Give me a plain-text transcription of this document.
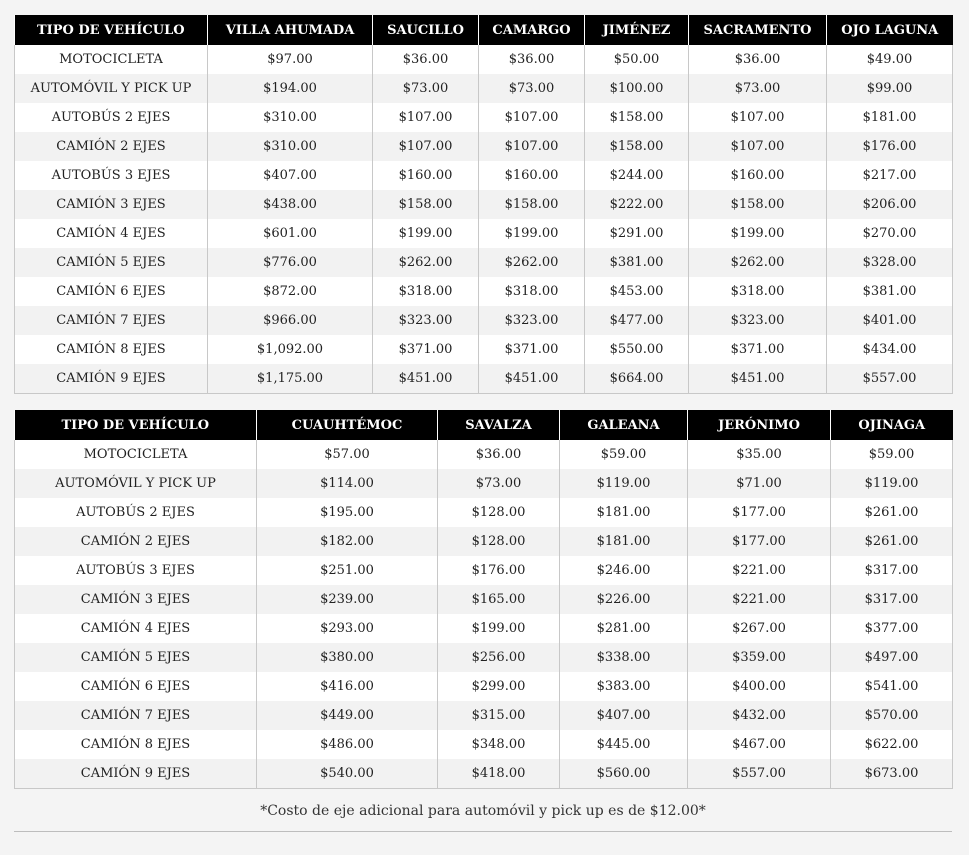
TIPO DE VEHÍCULO	VILLA AHUMADA	SAUCILLO	CAMARGO	JIMÉNEZ	SACRAMENTO	OJO LAGUNA
MOTOCICLETA	$97.00	$36.00	$36.00	$50.00	$36.00	$49.00
AUTOMÓVIL Y PICK UP	$194.00	$73.00	$73.00	$100.00	$73.00	$99.00
AUTOBÚS 2 EJES	$310.00	$107.00	$107.00	$158.00	$107.00	$181.00
CAMIÓN 2 EJES	$310.00	$107.00	$107.00	$158.00	$107.00	$176.00
AUTOBÚS 3 EJES	$407.00	$160.00	$160.00	$244.00	$160.00	$217.00
CAMIÓN 3 EJES	$438.00	$158.00	$158.00	$222.00	$158.00	$206.00
CAMIÓN 4 EJES	$601.00	$199.00	$199.00	$291.00	$199.00	$270.00
CAMIÓN 5 EJES	$776.00	$262.00	$262.00	$381.00	$262.00	$328.00
CAMIÓN 6 EJES	$872.00	$318.00	$318.00	$453.00	$318.00	$381.00
CAMIÓN 7 EJES	$966.00	$323.00	$323.00	$477.00	$323.00	$401.00
CAMIÓN 8 EJES	$1,092.00	$371.00	$371.00	$550.00	$371.00	$434.00
CAMIÓN 9 EJES	$1,175.00	$451.00	$451.00	$664.00	$451.00	$557.00
TIPO DE VEHÍCULO	CUAUHTÉMOC	SAVALZA	GALEANA	JERÓNIMO	OJINAGA
MOTOCICLETA	$57.00	$36.00	$59.00	$35.00	$59.00
AUTOMÓVIL Y PICK UP	$114.00	$73.00	$119.00	$71.00	$119.00
AUTOBÚS 2 EJES	$195.00	$128.00	$181.00	$177.00	$261.00
CAMIÓN 2 EJES	$182.00	$128.00	$181.00	$177.00	$261.00
AUTOBÚS 3 EJES	$251.00	$176.00	$246.00	$221.00	$317.00
CAMIÓN 3 EJES	$239.00	$165.00	$226.00	$221.00	$317.00
CAMIÓN 4 EJES	$293.00	$199.00	$281.00	$267.00	$377.00
CAMIÓN 5 EJES	$380.00	$256.00	$338.00	$359.00	$497.00
CAMIÓN 6 EJES	$416.00	$299.00	$383.00	$400.00	$541.00
CAMIÓN 7 EJES	$449.00	$315.00	$407.00	$432.00	$570.00
CAMIÓN 8 EJES	$486.00	$348.00	$445.00	$467.00	$622.00
CAMIÓN 9 EJES	$540.00	$418.00	$560.00	$557.00	$673.00
*Costo de eje adicional para automóvil y pick up es de $12.00*
